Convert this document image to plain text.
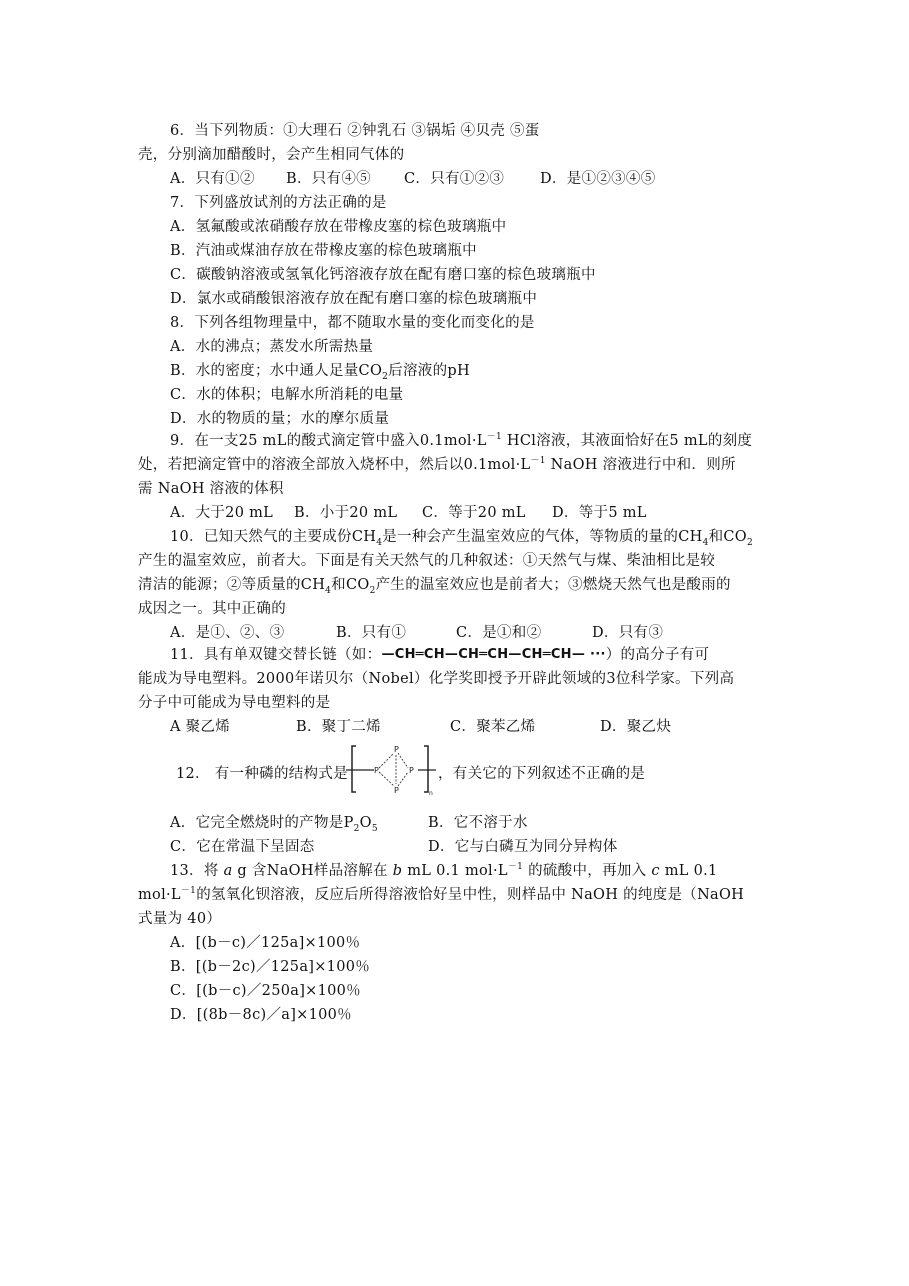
6．当下列物质：①大理石 ②钟乳石 ③锅垢 ④贝壳 ⑤蛋
壳，分别滴加醋酸时，会产生相同气体的
A．只有①② B．只有④⑤ C．只有①②③ D．是①②③④⑤
7．下列盛放试剂的方法正确的是
A．氢氟酸或浓硝酸存放在带橡皮塞的棕色玻璃瓶中
B．汽油或煤油存放在带橡皮塞的棕色玻璃瓶中
C．碳酸钠溶液或氢氧化钙溶液存放在配有磨口塞的棕色玻璃瓶中
D．氯水或硝酸银溶液存放在配有磨口塞的棕色玻璃瓶中
8．下列各组物理量中，都不随取水量的变化而变化的是
A．水的沸点；蒸发水所需热量
B．水的密度；水中通人足量$CO_2$后溶液的pH
C．水的体积；电解水所消耗的电量
D．水的物质的量；水的摩尔质量
9．在一支25 mL的酸式滴定管中盛入$0.1mol\cdot L^{-1}$ HCl溶液，其液面恰好在5 mL的刻度
处，若把滴定管中的溶液全部放入烧杯中，然后以$0.1mol\cdot L^{-1}$ NaOH 溶液进行中和．则所
需 NaOH 溶液的体积
A．大于20 mL B．小于20 mL C．等于20 mL D．等于5 mL
10．已知天然气的主要成份$CH_4$是一种会产生温室效应的气体，等物质的量的$CH_4$和$CO_2$
产生的温室效应，前者大。下面是有关天然气的几种叙述：①天然气与煤、柴油相比是较
清洁的能源；②等质量的$CH_4$和$CO_2$产生的温室效应也是前者大；③燃烧天然气也是酸雨的
成因之一。其中正确的
A．是①、②、③	B．只有①	C．是①和②	D．只有③
11．具有单双键交替长链（如：—CH═CH—CH═CH—CH═CH— ···）的高分子有可
能成为导电塑料。2000年诺贝尔（Nobel）化学奖即授予开辟此领域的3位科学家。下列高
分子中可能成为导电塑料的是
A 聚乙烯	B．聚丁二烯	C．聚苯乙烯	D．聚乙炔
12． 有一种磷的结构式是
P
P	P
P	n
，有关它的下列叙述不正确的是
A．它完全燃烧时的产物是$P_2O_5$	B．它不溶于水
C．它在常温下呈固态	D．它与白磷互为同分异构体
13．将 a g 含NaOH样品溶解在 b mL 0.1 $mol\cdot L^{-1}$ 的硫酸中，再加入 c mL 0.1
$mol\cdot L^{-1}$的氢氧化钡溶液，反应后所得溶液恰好呈中性，则样品中 NaOH 的纯度是（NaOH
式量为 40）
A．[(b－c)／125a]×100％
B．[(b－2c)／125a]×100％
C．[(b－c)／250a]×100％
D．[(8b－8c)／a]×100％
